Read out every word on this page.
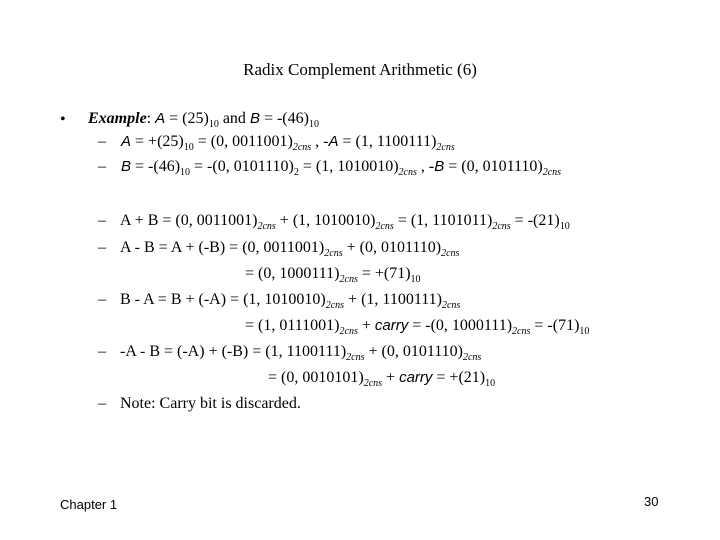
Radix Complement Arithmetic (6)
• Example: $A = (25)_{10}$ and $B = -(46)_{10}$
– $A = +(25)_{10} = (0$, $0011001)_{2cns}$ , -A = (1, $1100111)_{2cns}$
– $B = -(46)_{10} = -(0$, $0101110)_2 = (1$, $1010010)_{2cns}$ , -B = (0, $0101110)_{2cns}$
– A + B = (0, $0011001)_{2cns} + (1$, $1010010)_{2cns} = (1$, $1101011)_{2cns} = -(21)_{10}$
– A - B = A + (-B) = (0, $0011001)_{2cns} + (0$, $0101110)_{2cns}$
= (0, $1000111)_{2cns} = +(71)_{10}$
– B - A = B + (-A) = (1, $1010010)_{2cns} + (1$, $1100111)_{2cns}$
= (1, $0111001)_{2cns}$ + carry = -(0, $1000111)_{2cns} = -(71)_{10}$
– -A - B = (-A) + (-B) = (1, $1100111)_{2cns} + (0$, $0101110)_{2cns}$
= (0, $0010101)_{2cns}$ + carry = $+(21)_{10}$
– Note: Carry bit is discarded.
Chapter 1	30
